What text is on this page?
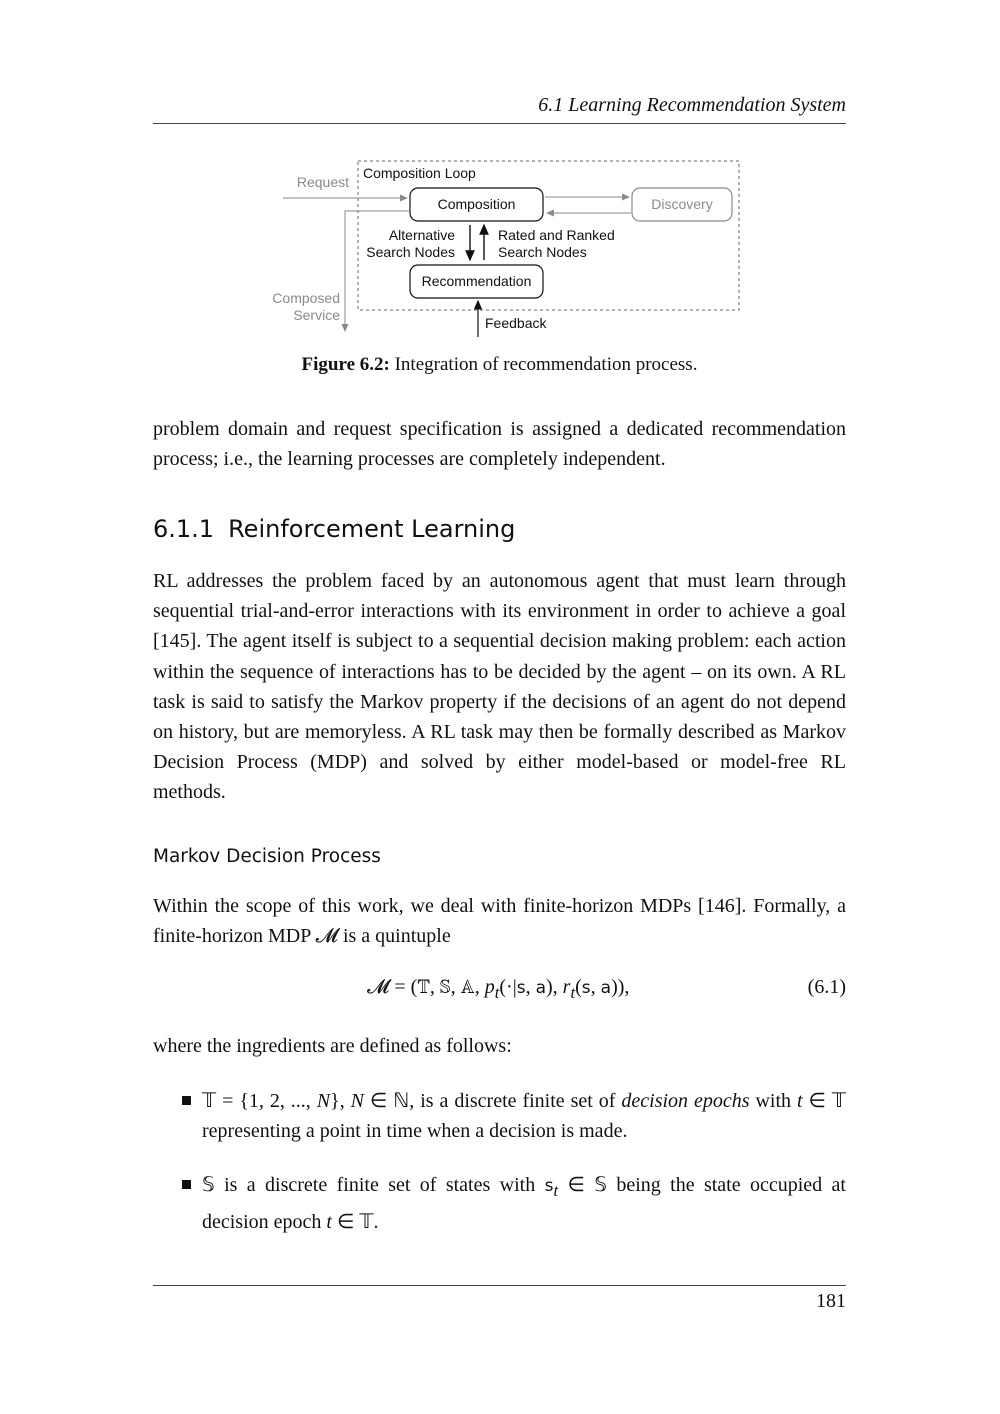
6.1 Learning Recommendation System
Request
Composition Loop
Composition	Discovery
Alternative
Search Nodes
Rated and Ranked
Search Nodes
Recommendation
Composed
Service	Feedback
Figure 6.2: Integration of recommendation process.

problem domain and request specification is assigned a dedicated recommendation process; i.e., the learning processes are completely independent.

6.1.1 Reinforcement Learning

RL addresses the problem faced by an autonomous agent that must learn through sequential trial-and-error interactions with its environment in order to achieve a goal [145]. The agent itself is subject to a sequential decision making problem: each action within the sequence of interactions has to be decided by the agent – on its own. A RL task is said to satisfy the Markov property if the decisions of an agent do not depend on history, but are memoryless. A RL task may then be formally described as Markov Decision Process (MDP) and solved by either model-based or model-free RL methods.

Markov Decision Process

Within the scope of this work, we deal with finite-horizon MDPs [146]. Formally, a finite-horizon MDP 𝓜 is a quintuple

𝓜 = (𝕋, 𝕊, 𝔸, $p_t(\cdot|s$, a), $r_t(s$, a)),	(6.1)

where the ingredients are defined as follows:

𝕋 = {1, 2, ..., N}, N ∈ ℕ, is a discrete finite set of decision epochs with t ∈ 𝕋 representing a point in time when a decision is made.
𝕊 is a discrete finite set of states with $s_t$ ∈ 𝕊 being the state occupied at decision epoch t ∈ 𝕋.
181
